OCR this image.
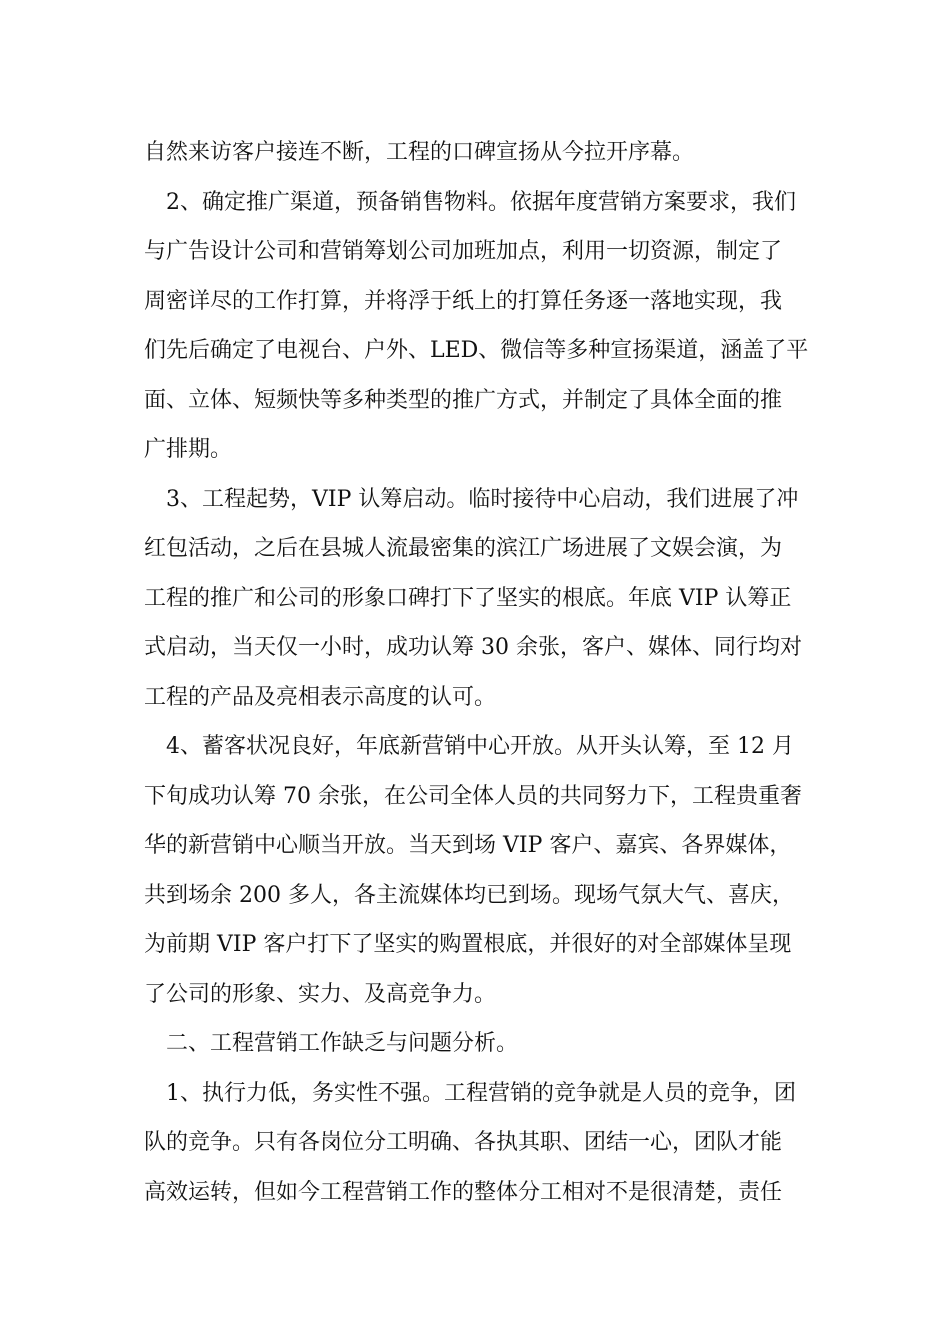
自然来访客户接连不断，工程的口碑宣扬从今拉开序幕。
2、确定推广渠道，预备销售物料。依据年度营销方案要求，我们
与广告设计公司和营销筹划公司加班加点，利用一切资源，制定了
周密详尽的工作打算，并将浮于纸上的打算任务逐一落地实现，我
们先后确定了电视台、户外、LED、微信等多种宣扬渠道，涵盖了平
面、立体、短频快等多种类型的推广方式，并制定了具体全面的推
广排期。
3、工程起势，VIP 认筹启动。临时接待中心启动，我们进展了冲
红包活动，之后在县城人流最密集的滨江广场进展了文娱会演，为
工程的推广和公司的形象口碑打下了坚实的根底。年底 VIP 认筹正
式启动，当天仅一小时，成功认筹 30 余张，客户、媒体、同行均对
工程的产品及亮相表示高度的认可。
4、蓄客状况良好，年底新营销中心开放。从开头认筹，至 12 月
下旬成功认筹 70 余张，在公司全体人员的共同努力下，工程贵重奢
华的新营销中心顺当开放。当天到场 VIP 客户、嘉宾、各界媒体，
共到场余 200 多人，各主流媒体均已到场。现场气氛大气、喜庆，
为前期 VIP 客户打下了坚实的购置根底，并很好的对全部媒体呈现
了公司的形象、实力、及高竞争力。
二、工程营销工作缺乏与问题分析。
1、执行力低，务实性不强。工程营销的竞争就是人员的竞争，团
队的竞争。只有各岗位分工明确、各执其职、团结一心，团队才能
高效运转，但如今工程营销工作的整体分工相对不是很清楚，责任
